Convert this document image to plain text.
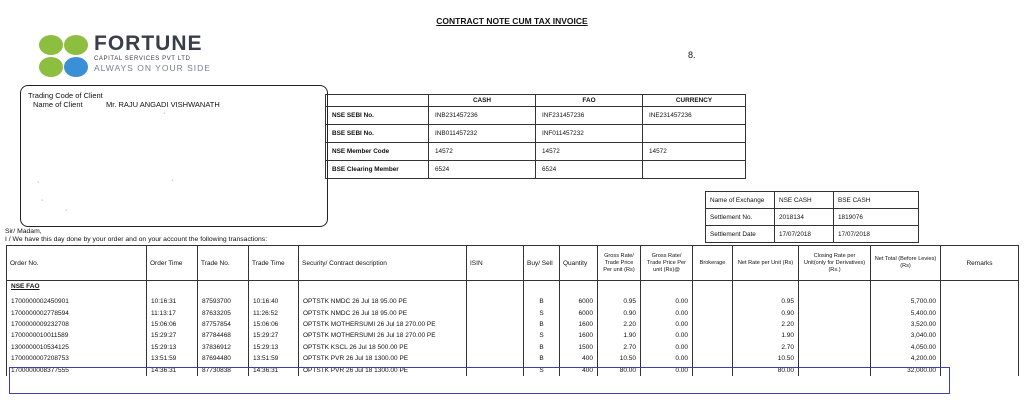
CONTRACT NOTE CUM TAX INVOICE
8.
FORTUNE
CAPITAL SERVICES PVT LTD
ALWAYS ON YOUR SIDE
Trading Code of Client
Name of Client	Mr. RAJU ANGADI VISHWANATH
·
·	·
·
·
	CASH	FAO	CURRENCY
NSE SEBI No.	INB231457236	INF231457236	INE231457236
BSE SEBI No.	INB011457232	INF011457232	
NSE Member Code	14572	14572	14572
BSE Clearing Member	6524	6524	
Name of Exchange	NSE CASH	BSE CASH
Settlement No.	2018134	1819076
Settlement Date	17/07/2018	17/07/2018
Sir/ Madam,
I / We have this day done by your order and on your account the following transactions:
Order No.	Order Time	Trade No.	Trade Time	Security/ Contract description	ISIN	Buy/ Sell	Quantity	Gross Rate/ Trade Price Per unit (Rs)	Gross Rate/ Trade Price Per unit (Rs)@	Brokerage	Net Rate per Unit (Rs)	Closing Rate per Unit(only for Derivatives) (Rs.)	Net Total (Before Levies) (Rs)	Remarks
NSE FAO														

1700000002450901	10:16:31	87593700	10:16:40	OPTSTK NMDC 26 Jul 18 95.00 PE		B	6000	0.95	0.00		0.95		5,700.00	
1700000002778594	11:13:17	87633205	11:26:52	OPTSTK NMDC 26 Jul 18 95.00 PE		S	6000	0.90	0.00		0.90		5,400.00	
1700000009232708	15:06:06	87757854	15:06:06	OPTSTK MOTHERSUMI 26 Jul 18 270.00 PE		B	1600	2.20	0.00		2.20		3,520.00	
1700000010011589	15:29:27	87784468	15:29:27	OPTSTK MOTHERSUMI 26 Jul 18 270.00 PE		S	1600	1.90	0.00		1.90		3,040.00	
1300000010534125	15:29:13	37836912	15:29:13	OPTSTK KSCL 26 Jul 18 500.00 PE		B	1500	2.70	0.00		2.70		4,050.00	
1700000007208753	13:51:59	87694480	13:51:59	OPTSTK PVR 26 Jul 18 1300.00 PE		B	400	10.50	0.00		10.50		4,200.00	
1700000008377555	14:36:31	87730838	14:36:31	OPTSTK PVR 26 Jul 18 1300.00 PE		S	400	80.00	0.00		80.00		32,000.00	
